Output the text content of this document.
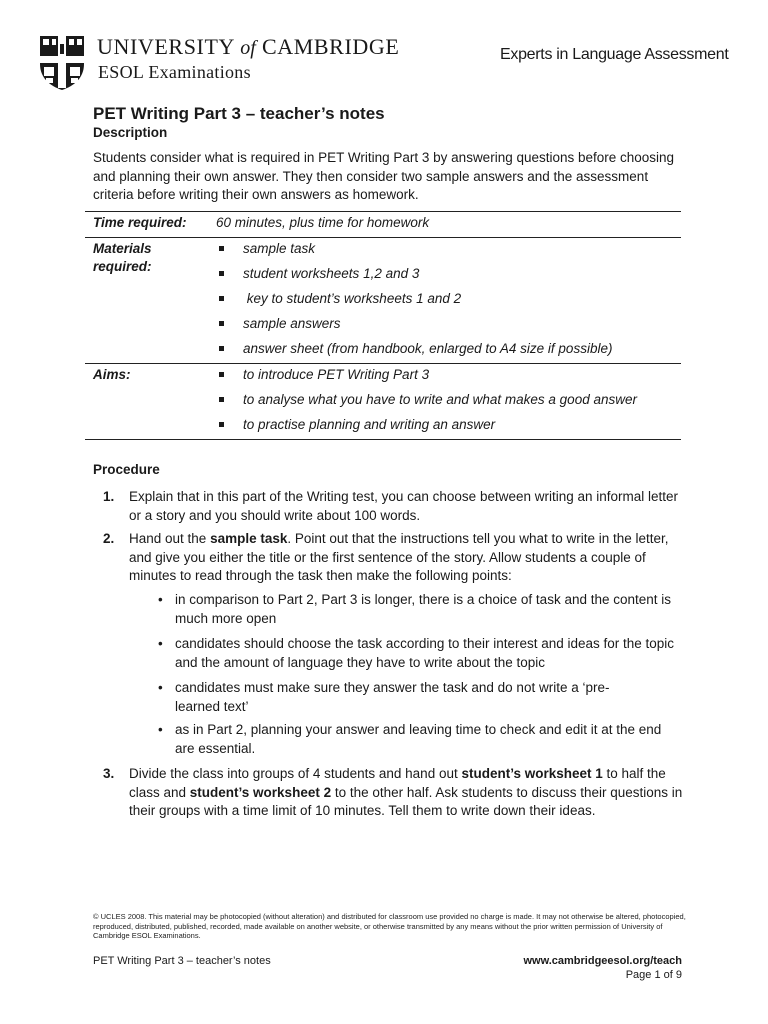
UNIVERSITY of CAMBRIDGE
ESOL Examinations
Experts in Language Assessment
PET Writing Part 3 – teacher’s notes
Description
Students consider what is required in PET Writing Part 3 by answering questions before choosing and planning their own answer. They then consider two sample answers and the assessment criteria before writing their own answers as homework.
Time required: 60 minutes, plus time for homework
Materials
required:
sample task
student worksheets 1,2 and 3
key to student’s worksheets 1 and 2
sample answers
answer sheet (from handbook, enlarged to A4 size if possible)
Aims:	to introduce PET Writing Part 3
to analyse what you have to write and what makes a good answer
to practise planning and writing an answer
Procedure
1. Explain that in this part of the Writing test, you can choose between writing an informal letter or a story and you should write about 100 words.
2. Hand out the sample task. Point out that the instructions tell you what to write in the letter, and give you either the title or the first sentence of the story. Allow students a couple of minutes to read through the task then make the following points:
• in comparison to Part 2, Part 3 is longer, there is a choice of task and the content is much more open
• candidates should choose the task according to their interest and ideas for the topic and the amount of language they have to write about the topic
• candidates must make sure they answer the task and do not write a ‘pre-learned text’
• as in Part 2, planning your answer and leaving time to check and edit it at the end are essential.
3. Divide the class into groups of 4 students and hand out student’s worksheet 1 to half the class and student’s worksheet 2 to the other half. Ask students to discuss their questions in their groups with a time limit of 10 minutes. Tell them to write down their ideas.
© UCLES 2008. This material may be photocopied (without alteration) and distributed for classroom use provided no charge is made. It may not otherwise be altered, photocopied, reproduced, distributed, published, recorded, made available on another website, or otherwise transmitted by any means without the prior written permission of University of Cambridge ESOL Examinations.
PET Writing Part 3 – teacher’s notes	www.cambridgeesol.org/teach
Page 1 of 9
